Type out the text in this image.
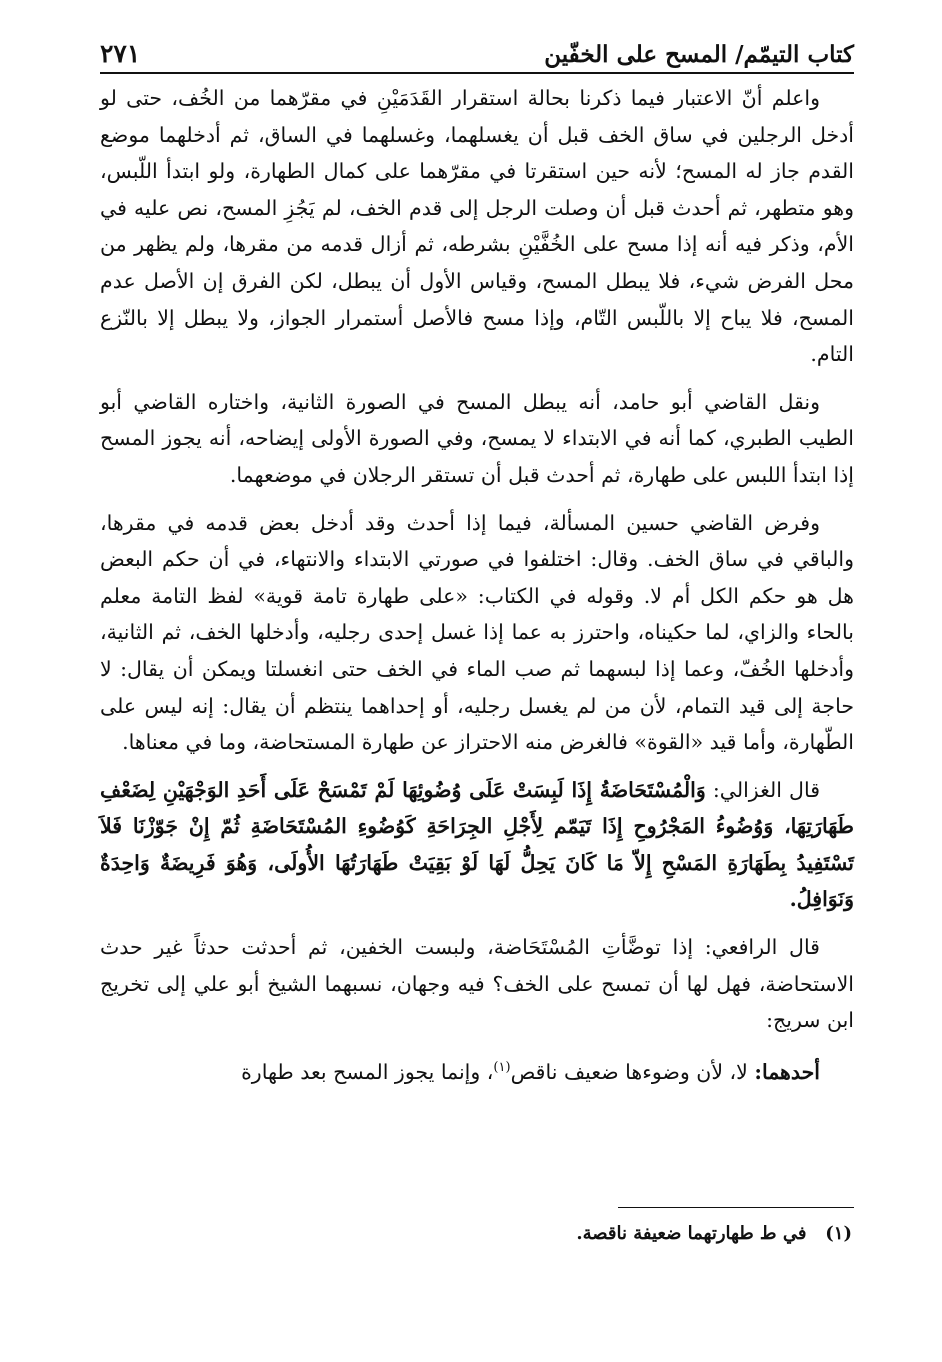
كتاب التيمّم/ المسح على الخفّين
٢٧١

واعلم أنّ الاعتبار فيما ذكرنا بحالة استقرار القَدَمَيْنِ في مقرّهما من الخُف، حتى لو أدخل الرجلين في ساق الخف قبل أن يغسلهما، وغسلهما في الساق، ثم أدخلهما موضع القدم جاز له المسح؛ لأنه حين استقرتا في مقرّهما على كمال الطهارة، ولو ابتدأ اللّبس، وهو متطهر، ثم أحدث قبل أن وصلت الرجل إلى قدم الخف، لم يَجُزِ المسح، نص عليه في الأم، وذكر فيه أنه إذا مسح على الخُفَّيْنِ بشرطه، ثم أزال قدمه من مقرها، ولم يظهر من محل الفرض شيء، فلا يبطل المسح، وقياس الأول أن يبطل، لكن الفرق إن الأصل عدم المسح، فلا يباح إلا باللّبس التّام، وإذا مسح فالأصل أستمرار الجواز، ولا يبطل إلا بالنّزع التام.

ونقل القاضي أبو حامد، أنه يبطل المسح في الصورة الثانية، واختاره القاضي أبو الطيب الطبري، كما أنه في الابتداء لا يمسح، وفي الصورة الأولى إيضاحه، أنه يجوز المسح إذا ابتدأ اللبس على طهارة، ثم أحدث قبل أن تستقر الرجلان في موضعهما.

وفرض القاضي حسين المسألة، فيما إذا أحدث وقد أدخل بعض قدمه في مقرها، والباقي في ساق الخف. وقال: اختلفوا في صورتي الابتداء والانتهاء، في أن حكم البعض هل هو حكم الكل أم لا. وقوله في الكتاب: «على طهارة تامة قوية» لفظ التامة معلم بالحاء والزاي، لما حكيناه، واحترز به عما إذا غسل إحدى رجليه، وأدخلها الخف، ثم الثانية، وأدخلها الخُفّ، وعما إذا لبسهما ثم صب الماء في الخف حتى انغسلتا ويمكن أن يقال: لا حاجة إلى قيد التمام، لأن من لم يغسل رجليه، أو إحداهما ينتظم أن يقال: إنه ليس على الطّهارة، وأما قيد «القوة» فالغرض منه الاحتراز عن طهارة المستحاضة، وما في معناها.

قال الغزالي: وَالْمُسْتَحَاضَةُ إِذَا لَبِسَتْ عَلَى وُضُوئِهَا لَمْ تَمْسَحْ عَلَى أَحَدِ الوَجْهَيْنِ لِضَعْفِ طَهَارَتِهَا، وَوُضُوءُ المَجْرُوحِ إِذَا تَيَمّم لِأَجْلِ الجِرَاحَةِ كَوُضُوءِ المُسْتَحَاضَةِ ثُمّ إِنْ جَوّزْنَا فَلاَ تَسْتَفِيدُ بِطَهَارَةِ المَسْحِ إِلاّ مَا كَانَ يَحِلُّ لَهَا لَوْ بَقِيَتْ طَهَارَتُهَا الأُولَى، وَهُوَ فَرِيضَةٌ وَاحِدَةٌ وَنَوَافِلُ.

قال الرافعي: إذا توضَّأتِ المُسْتَحَاضة، ولبست الخفين، ثم أحدثت حدثاً غير حدث الاستحاضة، فهل لها أن تمسح على الخف؟ فيه وجهان، نسبهما الشيخ أبو علي إلى تخريج ابن سريج:

أحدهما: لا، لأن وضوءها ضعيف ناقص$^{(١)}$، وإنما يجوز المسح بعد طهارة

(١)   في ط طهارتهما ضعيفة ناقصة.
